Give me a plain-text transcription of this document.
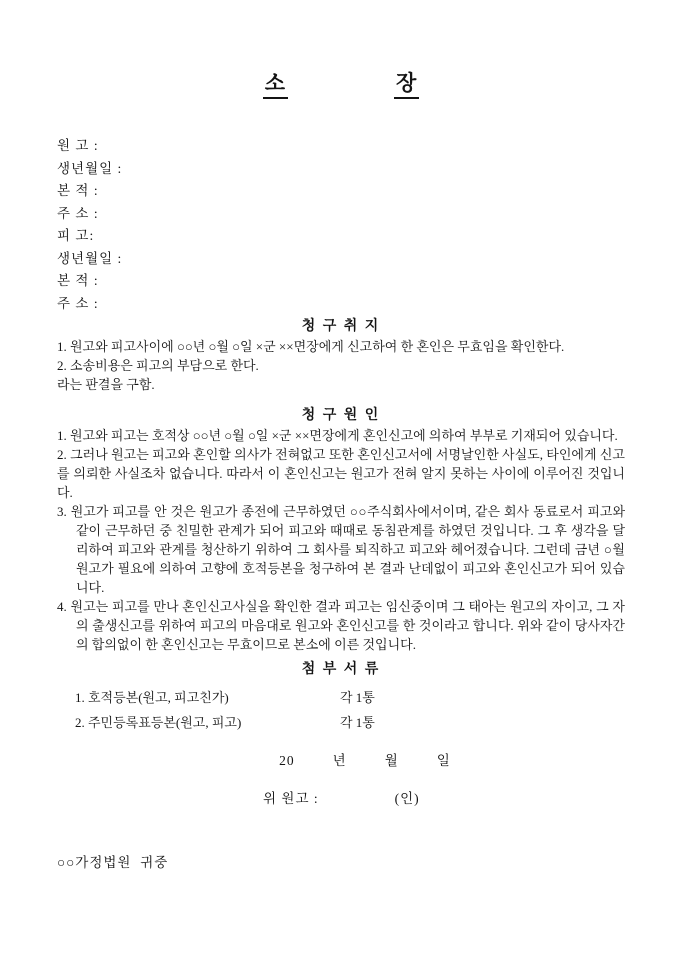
소	장
원 고 :
생년월일 :
본 적 :
주 소 :
피 고:
생년월일 :
본 적 :
주 소 :
청 구 취 지

1. 원고와 피고사이에 ○○년 ○월 ○일 ×군 ××면장에게 신고하여 한 혼인은 무효임을 확인한다.

2. 소송비용은 피고의 부담으로 한다.

라는 판결을 구함.

청 구 원 인

1. 원고와 피고는 호적상 ○○년 ○월 ○일 ×군 ××면장에게 혼인신고에 의하여 부부로 기재되어 있습니다.

2. 그러나 원고는 피고와 혼인할 의사가 전혀없고 또한 혼인신고서에 서명날인한 사실도, 타인에게 신고를 의뢰한 사실조차 없습니다. 따라서 이 혼인신고는 원고가 전혀 알지 못하는 사이에 이루어진 것입니다.

3. 원고가 피고를 안 것은 원고가 종전에 근무하였던 ○○주식회사에서이며, 같은 회사 동료로서 피고와 같이 근무하던 중 친밀한 관계가 되어 피고와 때때로 동침관계를 하였던 것입니다. 그 후 생각을 달리하여 피고와 관계를 청산하기 위하여 그 회사를 퇴직하고 피고와 헤어졌습니다. 그런데 금년 ○월 원고가 필요에 의하여 고향에 호적등본을 청구하여 본 결과 난데없이 피고와 혼인신고가 되어 있습니다.

4. 원고는 피고를 만나 혼인신고사실을 확인한 결과 피고는 임신중이며 그 태아는 원고의 자이고, 그 자의 출생신고를 위하여 피고의 마음대로 원고와 혼인신고를 한 것이라고 합니다. 위와 같이 당사자간의 합의없이 한 혼인신고는 무효이므로 본소에 이른 것입니다.

첨 부 서 류
1. 호적등본(원고, 피고친가)	각 1통
2. 주민등록표등본(원고, 피고)	각 1통
20	년	월	일
위 원고 :	(인)
○○가정법원  귀중
